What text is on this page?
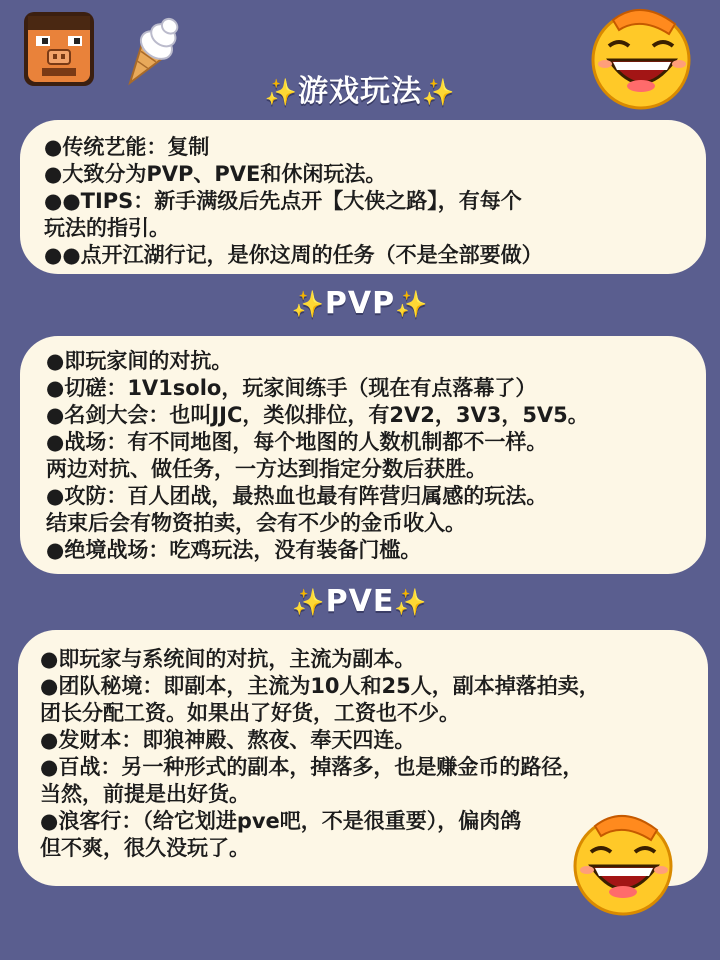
✨游戏玩法✨

●传统艺能：复制

●大致分为PVP、PVE和休闲玩法。

●●TIPS：新手满级后先点开【大侠之路】，有每个

玩法的指引。

●●点开江湖行记，是你这周的任务（不是全部要做）

✨PVP✨

●即玩家间的对抗。

●切磋：1V1solo，玩家间练手（现在有点落幕了）

●名剑大会：也叫JJC，类似排位，有2V2，3V3，5V5。

●战场：有不同地图，每个地图的人数机制都不一样。

两边对抗、做任务，一方达到指定分数后获胜。

●攻防：百人团战，最热血也最有阵营归属感的玩法。

结束后会有物资拍卖，会有不少的金币收入。

●绝境战场：吃鸡玩法，没有装备门槛。

✨PVE✨

●即玩家与系统间的对抗，主流为副本。

●团队秘境：即副本，主流为10人和25人，副本掉落拍卖，

团长分配工资。如果出了好货，工资也不少。

●发财本：即狼神殿、熬夜、奉天四连。

●百战：另一种形式的副本，掉落多，也是赚金币的路径，

当然，前提是出好货。

●浪客行：（给它划进pve吧，不是很重要），偏肉鸽

但不爽，很久没玩了。
